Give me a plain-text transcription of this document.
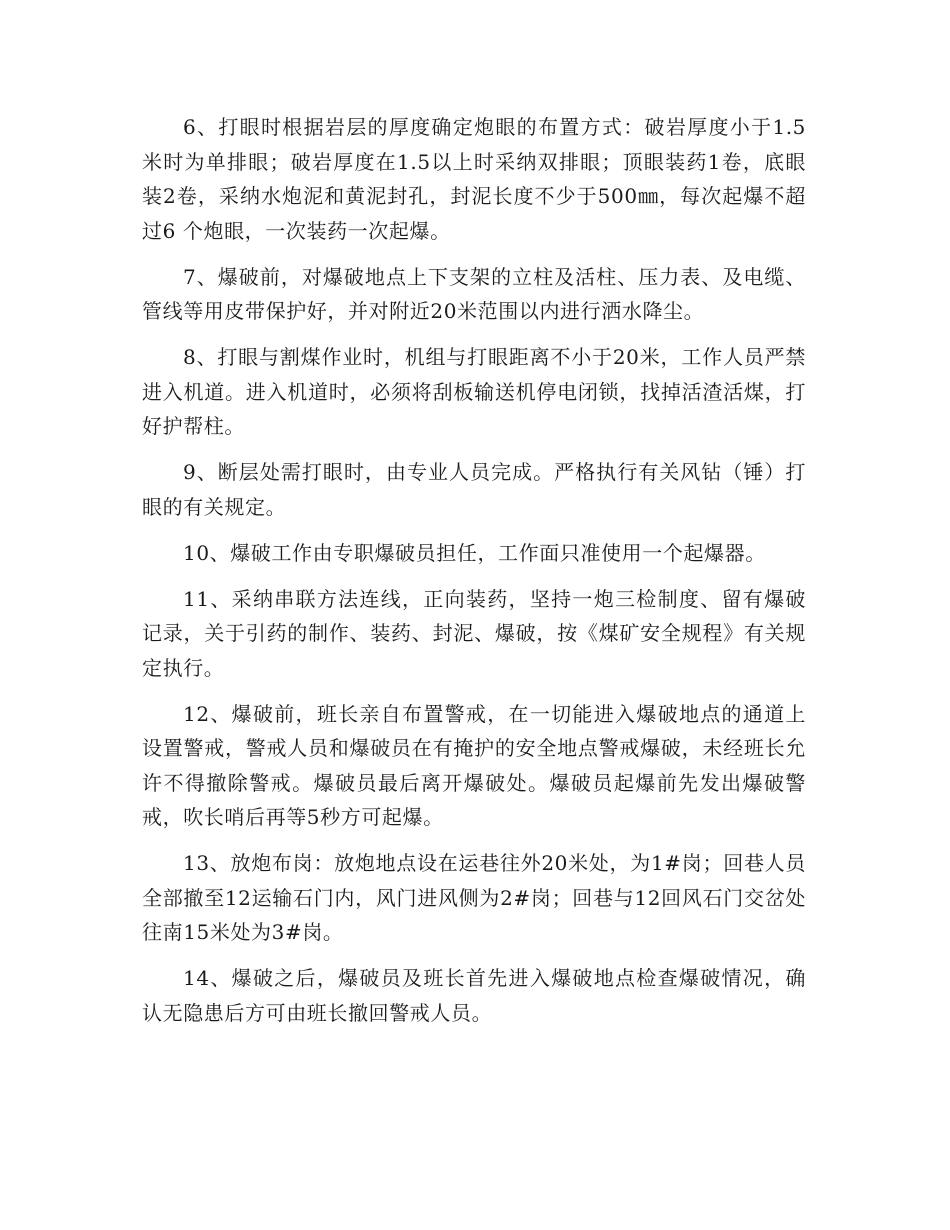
6、打眼时根据岩层的厚度确定炮眼的布置方式：破岩厚度小于1.5米时为单排眼；破岩厚度在1.5以上时采纳双排眼；顶眼装药1卷，底眼装2卷，采纳水炮泥和黄泥封孔，封泥长度不少于500㎜，每次起爆不超过6 个炮眼，一次装药一次起爆。

7、爆破前，对爆破地点上下支架的立柱及活柱、压力表、及电缆、管线等用皮带保护好，并对附近20米范围以内进行洒水降尘。

8、打眼与割煤作业时，机组与打眼距离不小于20米，工作人员严禁进入机道。进入机道时，必须将刮板输送机停电闭锁，找掉活渣活煤，打好护帮柱。

9、断层处需打眼时，由专业人员完成。严格执行有关风钻（锤）打眼的有关规定。

10、爆破工作由专职爆破员担任，工作面只准使用一个起爆器。

11、采纳串联方法连线，正向装药，坚持一炮三检制度、留有爆破记录，关于引药的制作、装药、封泥、爆破，按《煤矿安全规程》有关规定执行。

12、爆破前，班长亲自布置警戒，在一切能进入爆破地点的通道上设置警戒，警戒人员和爆破员在有掩护的安全地点警戒爆破，未经班长允许不得撤除警戒。爆破员最后离开爆破处。爆破员起爆前先发出爆破警戒，吹长哨后再等5秒方可起爆。

13、放炮布岗：放炮地点设在运巷往外20米处，为1#岗；回巷人员全部撤至12运输石门内，风门进风侧为2#岗；回巷与12回风石门交岔处往南15米处为3#岗。

14、爆破之后，爆破员及班长首先进入爆破地点检查爆破情况，确认无隐患后方可由班长撤回警戒人员。
